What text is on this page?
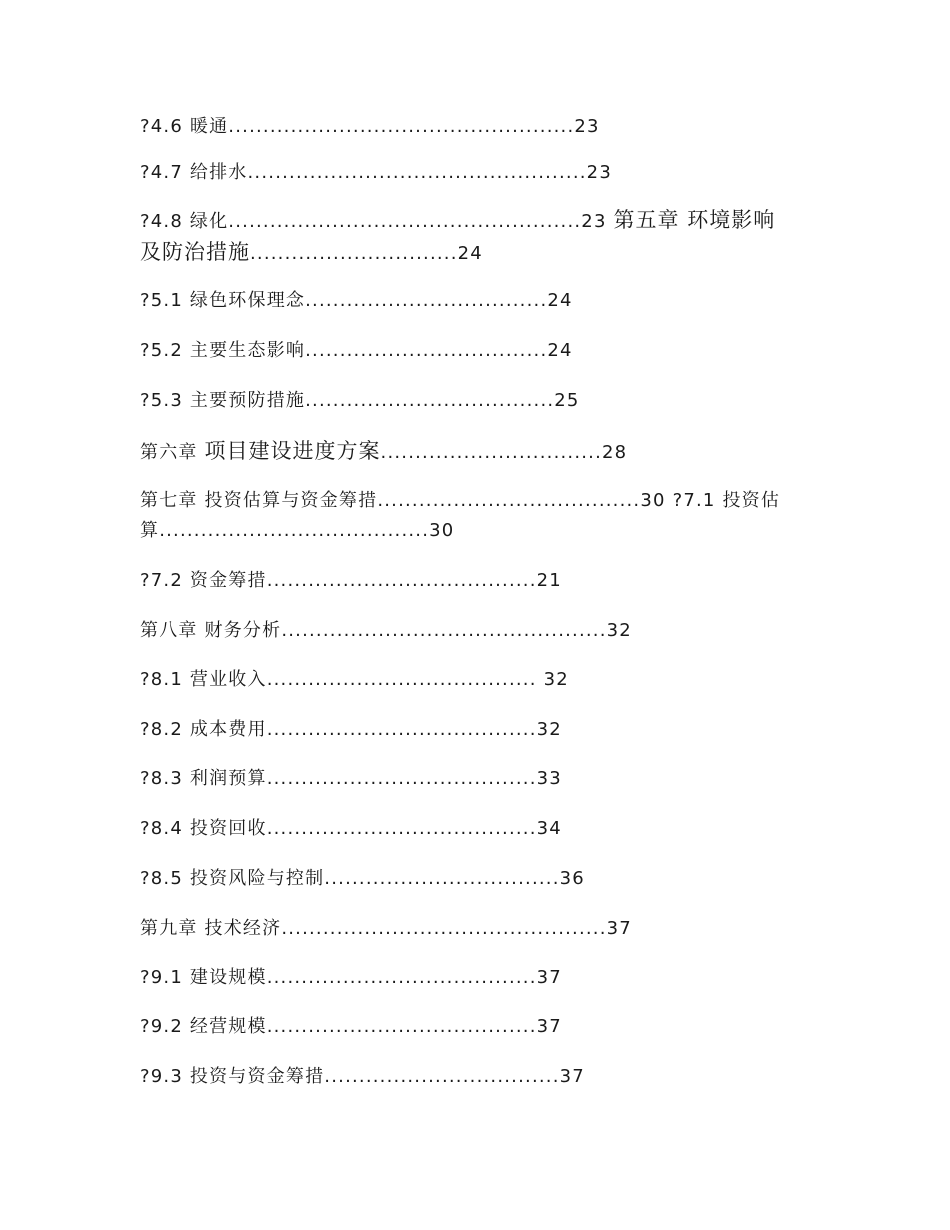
?4.6 暖通..................................................23
?4.7 给排水.................................................23
?4.8 绿化...................................................23 第五章 环境影响
及防治措施..............................24
?5.1 绿色环保理念...................................24
?5.2 主要生态影响...................................24
?5.3 主要预防措施....................................25
第六章 项目建设进度方案................................28
第七章 投资估算与资金筹措......................................30 ?7.1 投资估算.......................................30
?7.2 资金筹措.......................................21
第八章 财务分析...............................................32
?8.1 营业收入....................................... 32
?8.2 成本费用.......................................32
?8.3 利润预算.......................................33
?8.4 投资回收.......................................34
?8.5 投资风险与控制..................................36
第九章 技术经济...............................................37
?9.1 建设规模.......................................37
?9.2 经营规模.......................................37
?9.3 投资与资金筹措..................................37
